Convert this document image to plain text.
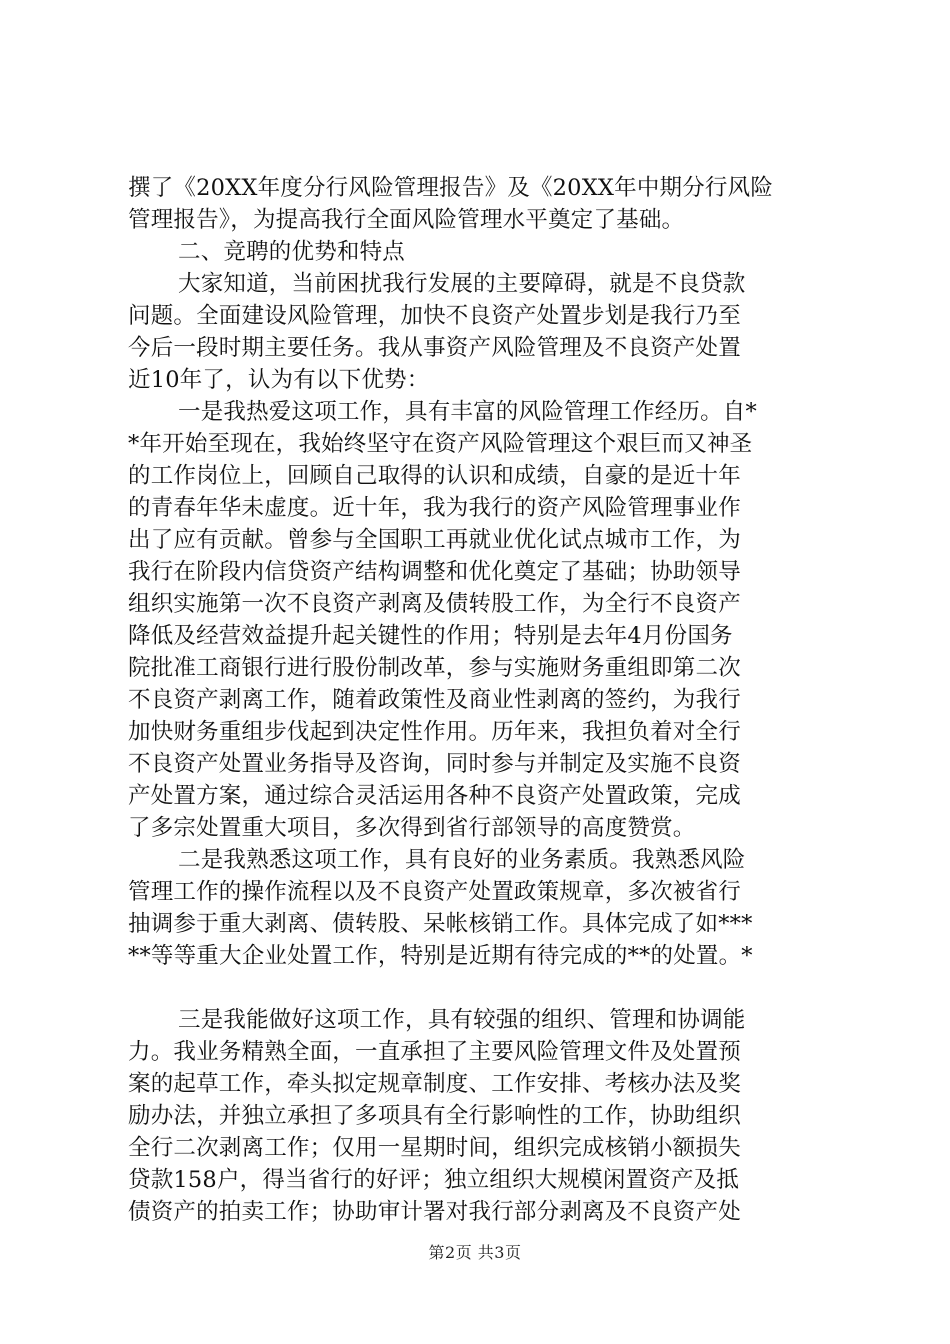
撰了《20XX年度分行风险管理报告》及《20XX年中期分行风险
管理报告》，为提高我行全面风险管理水平奠定了基础。
二、竞聘的优势和特点
大家知道，当前困扰我行发展的主要障碍，就是不良贷款
问题。全面建设风险管理，加快不良资产处置步划是我行乃至
今后一段时期主要任务。我从事资产风险管理及不良资产处置
近10年了，认为有以下优势：
一是我热爱这项工作，具有丰富的风险管理工作经历。自*
*年开始至现在，我始终坚守在资产风险管理这个艰巨而又神圣
的工作岗位上，回顾自己取得的认识和成绩，自豪的是近十年
的青春年华未虚度。近十年，我为我行的资产风险管理事业作
出了应有贡献。曾参与全国职工再就业优化试点城市工作，为
我行在阶段内信贷资产结构调整和优化奠定了基础；协助领导
组织实施第一次不良资产剥离及债转股工作，为全行不良资产
降低及经营效益提升起关键性的作用；特别是去年4月份国务
院批准工商银行进行股份制改革，参与实施财务重组即第二次
不良资产剥离工作，随着政策性及商业性剥离的签约，为我行
加快财务重组步伐起到决定性作用。历年来，我担负着对全行
不良资产处置业务指导及咨询，同时参与并制定及实施不良资
产处置方案，通过综合灵活运用各种不良资产处置政策，完成
了多宗处置重大项目，多次得到省行部领导的高度赞赏。
二是我熟悉这项工作，具有良好的业务素质。我熟悉风险
管理工作的操作流程以及不良资产处置政策规章，多次被省行
抽调参于重大剥离、债转股、呆帐核销工作。具体完成了如***
**等等重大企业处置工作，特别是近期有待完成的**的处置。*
三是我能做好这项工作，具有较强的组织、管理和协调能
力。我业务精熟全面，一直承担了主要风险管理文件及处置预
案的起草工作，牵头拟定规章制度、工作安排、考核办法及奖
励办法，并独立承担了多项具有全行影响性的工作，协助组织
全行二次剥离工作；仅用一星期时间，组织完成核销小额损失
贷款158户，得当省行的好评；独立组织大规模闲置资产及抵
债资产的拍卖工作；协助审计署对我行部分剥离及不良资产处
第2页 共3页
